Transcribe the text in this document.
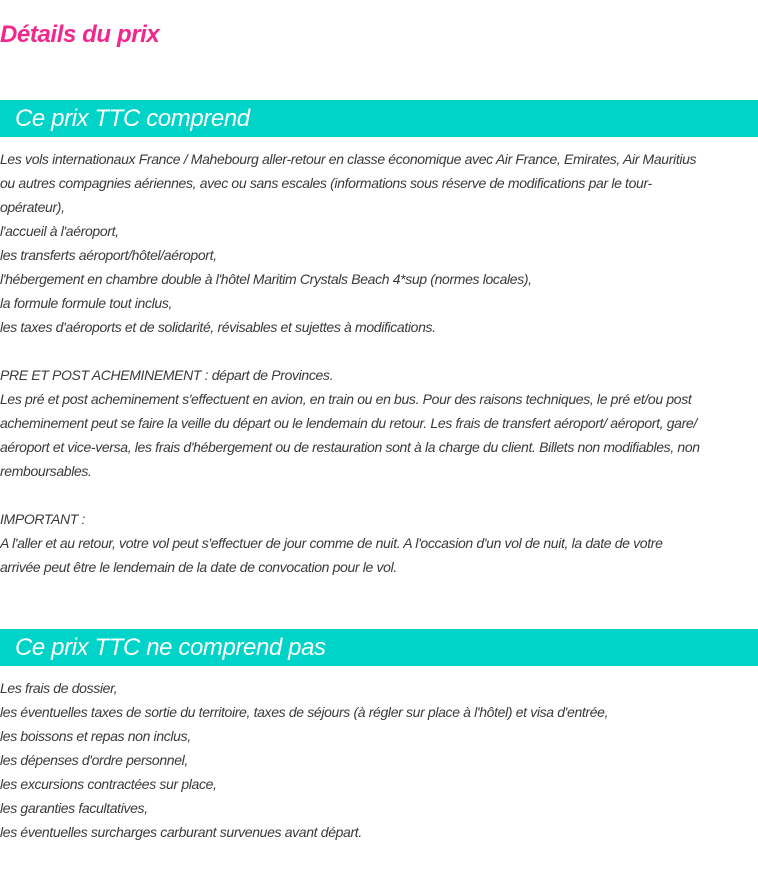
Détails du prix
Ce prix TTC comprend
Les vols internationaux France / Mahebourg aller-retour en classe économique avec Air France, Emirates, Air Mauritius
ou autres compagnies aériennes, avec ou sans escales (informations sous réserve de modifications par le tour-
opérateur),
l'accueil à l'aéroport,
les transferts aéroport/hôtel/aéroport,
l'hébergement en chambre double à l'hôtel Maritim Crystals Beach 4*sup (normes locales),
la formule formule tout inclus,
les taxes d'aéroports et de solidarité, révisables et sujettes à modifications.
PRE ET POST ACHEMINEMENT : départ de Provinces.
Les pré et post acheminement s'effectuent en avion, en train ou en bus. Pour des raisons techniques, le pré et/ou post
acheminement peut se faire la veille du départ ou le lendemain du retour. Les frais de transfert aéroport/ aéroport, gare/
aéroport et vice-versa, les frais d'hébergement ou de restauration sont à la charge du client. Billets non modifiables, non
remboursables.
IMPORTANT :
A l'aller et au retour, votre vol peut s'effectuer de jour comme de nuit. A l'occasion d'un vol de nuit, la date de votre
arrivée peut être le lendemain de la date de convocation pour le vol.
Ce prix TTC ne comprend pas
Les frais de dossier,
les éventuelles taxes de sortie du territoire, taxes de séjours (à régler sur place à l'hôtel) et visa d'entrée,
les boissons et repas non inclus,
les dépenses d'ordre personnel,
les excursions contractées sur place,
les garanties facultatives,
les éventuelles surcharges carburant survenues avant départ.
